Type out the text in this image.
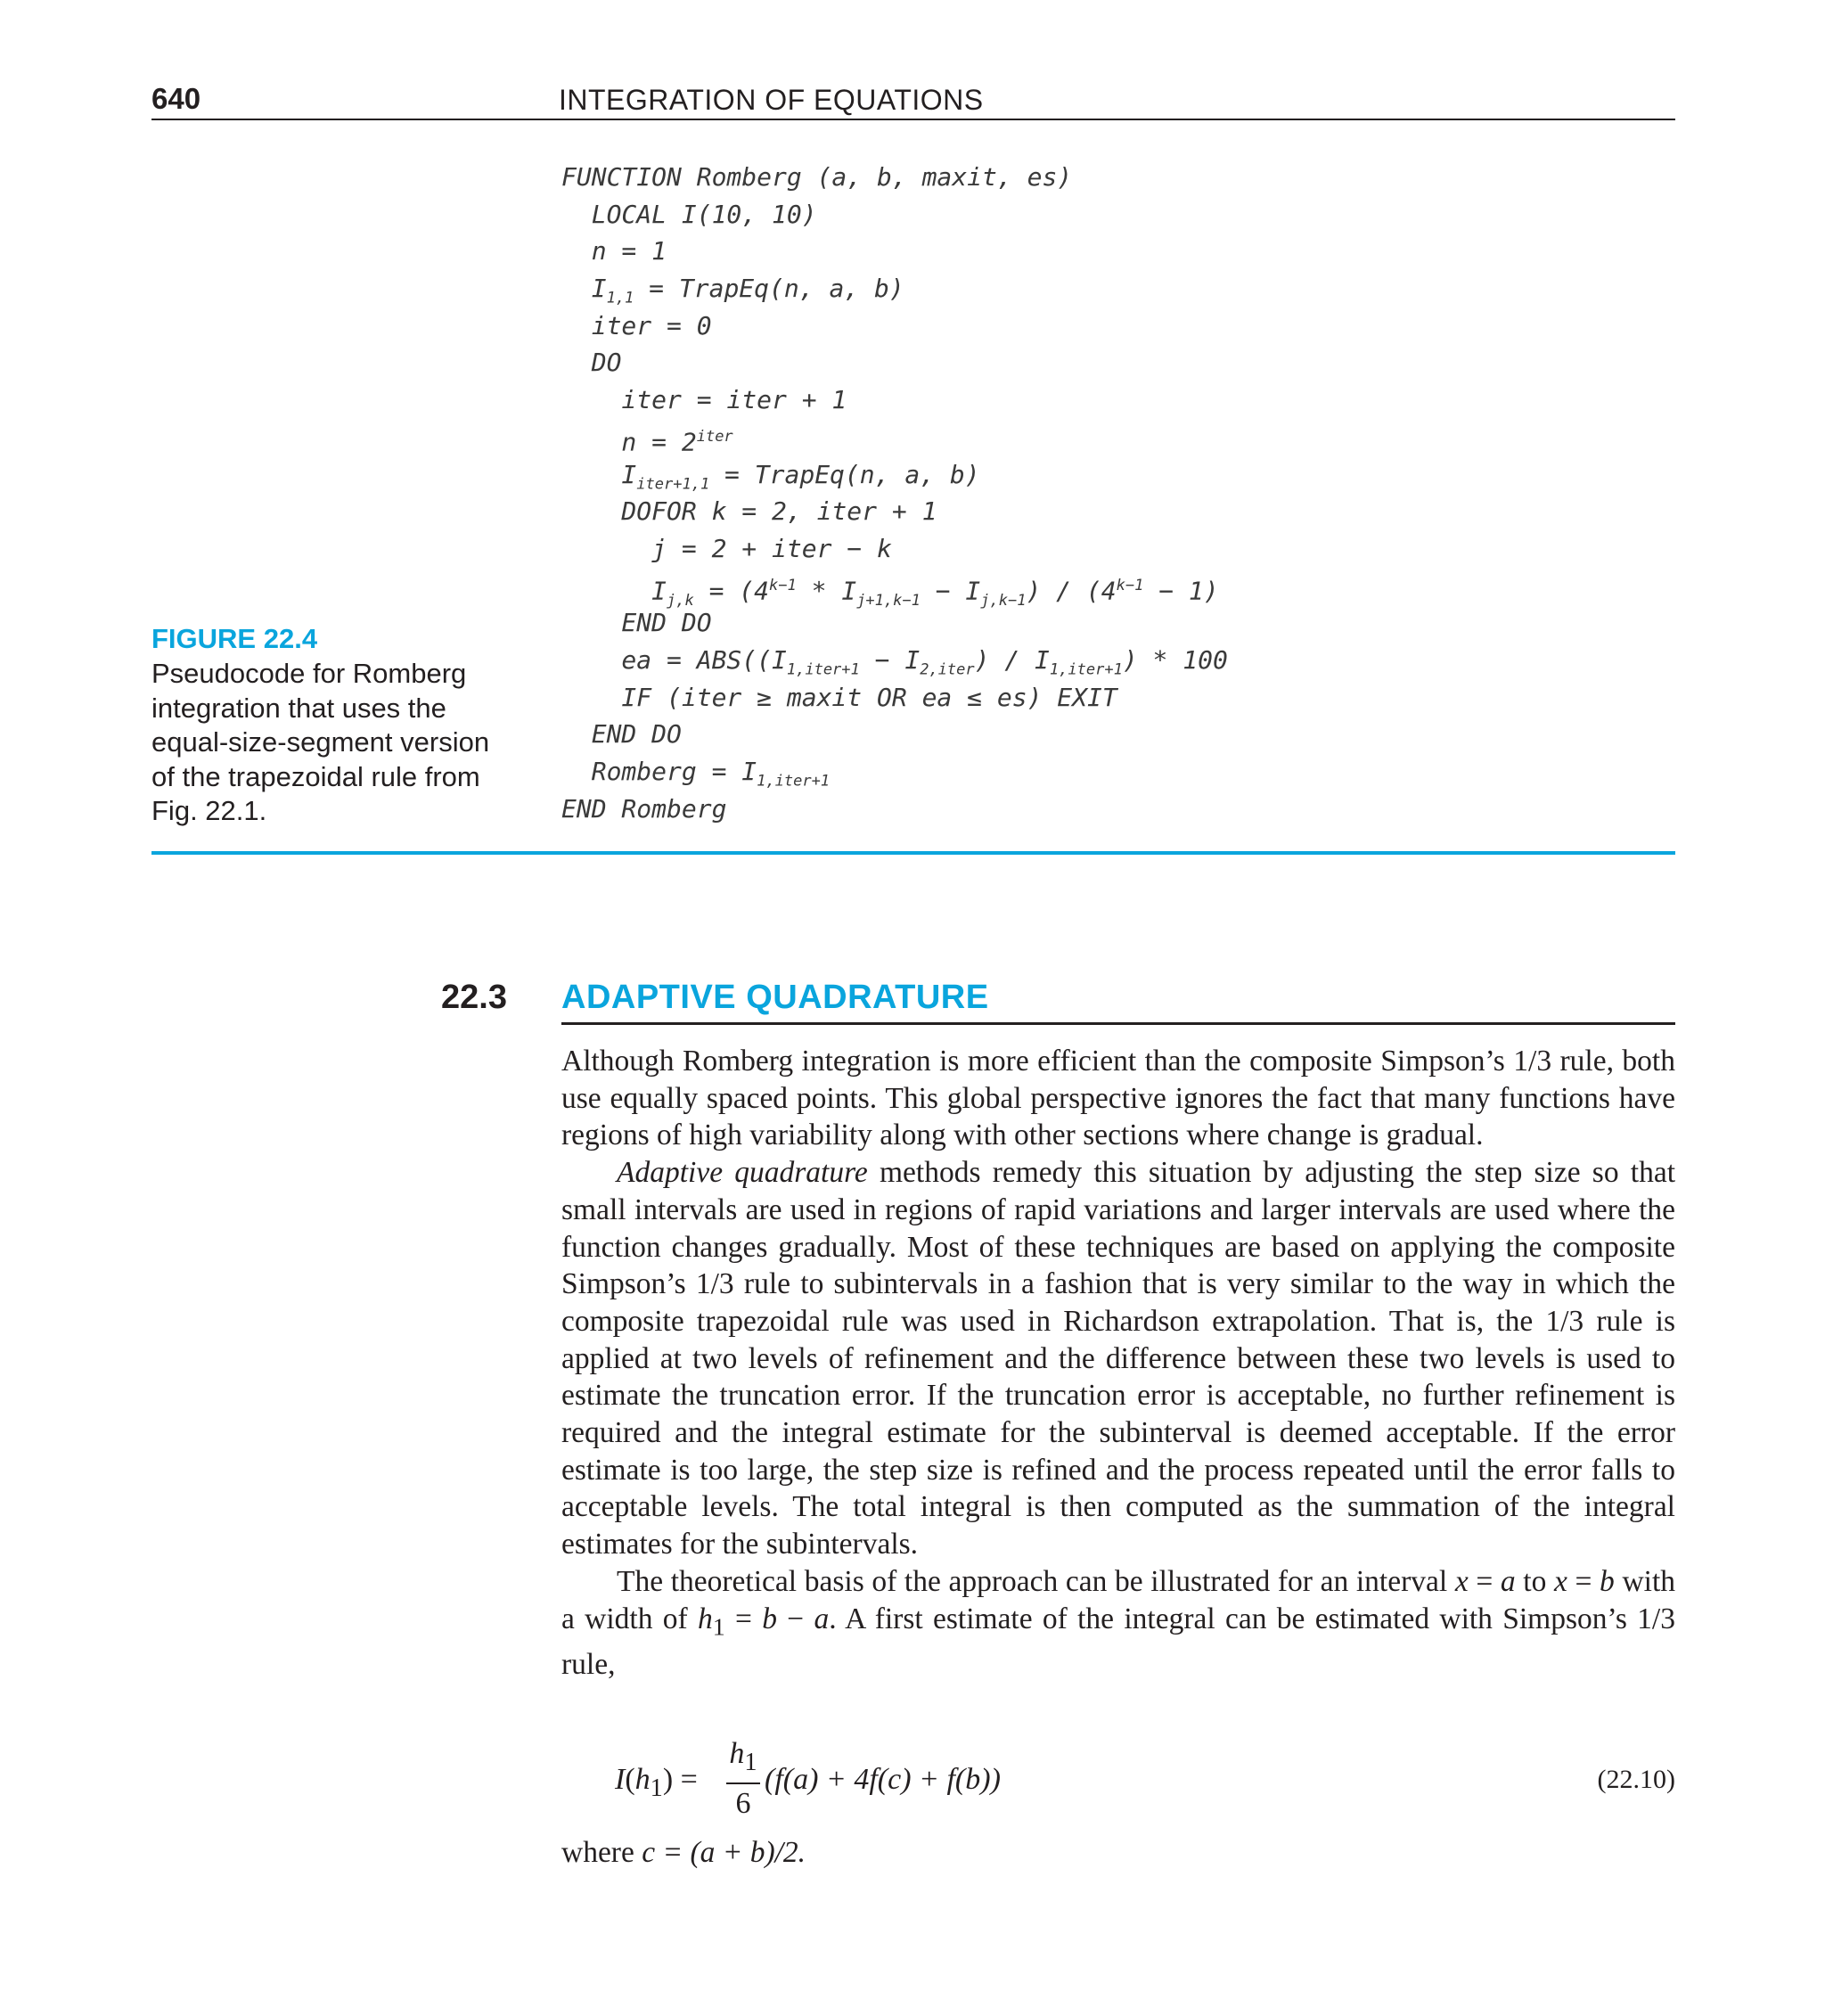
640	INTEGRATION OF EQUATIONS
FIGURE 22.4
Pseudocode for Romberg integration that uses the equal-size-segment version of the trapezoidal rule from Fig. 22.1.
FUNCTION Romberg (a, b, maxit, es)
LOCAL I(10, 10)
n = 1
$I_{1,1}$ = TrapEq(n, a, b)
iter = 0
DO
iter = iter + 1
$n = 2^{iter}$
$I_{iter+1,1}$ = TrapEq(n, a, b)
DOFOR k = 2, iter + 1
j = 2 + iter − k
$I_{j,k} = (4^{k-1} * I_{j+1,k-1} - I_{j,k-1}) / (4^{k-1} - 1)$
END DO
ea = $ABS((I_{1,iter+1} - I_{2,iter}) / I_{1,iter+1}) * 100$
IF (iter ≥ maxit OR ea ≤ es) EXIT
END DO
Romberg = $I_{1,iter+1}$
END Romberg
22.3 ADAPTIVE QUADRATURE

Although Romberg integration is more efficient than the composite Simpson’s 1/3 rule, both use equally spaced points. This global perspective ignores the fact that many functions have regions of high variability along with other sections where change is gradual.

Adaptive quadrature methods remedy this situation by adjusting the step size so that small intervals are used in regions of rapid variations and larger intervals are used where the function changes gradually. Most of these techniques are based on applying the composite Simpson’s 1/3 rule to subintervals in a fashion that is very similar to the way in which the composite trapezoidal rule was used in Richardson extrapolation. That is, the 1/3 rule is applied at two levels of refinement and the difference between these two levels is used to estimate the truncation error. If the truncation error is acceptable, no further refinement is required and the integral estimate for the subinterval is deemed acceptable. If the error estimate is too large, the step size is refined and the process repeated until the error falls to acceptable levels. The total integral is then computed as the summation of the integral estimates for the subintervals.

The theoretical basis of the approach can be illustrated for an interval x = a to x = b with a width of $h_1 = b - a$. A first estimate of the integral can be estimated with Simpson’s 1/3 rule,

$I(h_1)$ =
$h_1$
6
(f(a) + 4f(c) + f(b))	(22.10)
where c = (a + b)/2.
